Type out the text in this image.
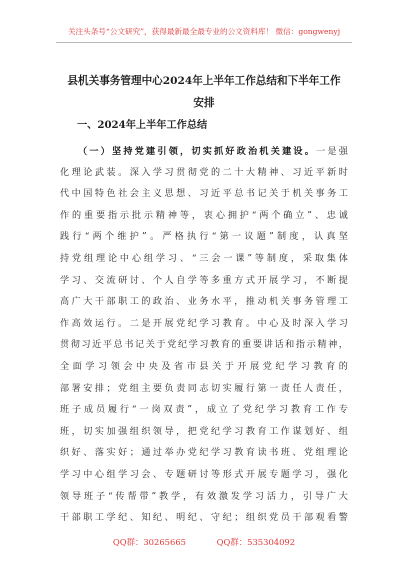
关注头条号“公文研究”，获得最新最全最专业的公文资料库！ 微信：gongwenyj
县机关事务管理中心2024年上半年工作总结和下半年工作
安排
一、2024年上半年工作总结
（一）坚持党建引领，切实抓好政治机关建设。一是强
化理论武装。深入学习贯彻党的二十大精神、习近平新时
代中国特色社会主义思想、习近平总书记关于机关事务工
作的重要指示批示精神等，衷心拥护“两个确立”、忠诚
践行“两个维护”。严格执行“第一议题”制度，认真坚
持党组理论中心组学习、“三会一课”等制度，采取集体
学习、交流研讨、个人自学等多重方式开展学习，不断提
高广大干部职工的政治、业务水平，推动机关事务管理工
作高效运行。二是开展党纪学习教育。中心及时深入学习
贯彻习近平总书记关于党纪学习教育的重要讲话和指示精神，
全面学习领会中央及省市县关于开展党纪学习教育的
部署安排；党组主要负责同志切实履行第一责任人责任，
班子成员履行“一岗双责”，成立了党纪学习教育工作专
班，切实加强组织领导，把党纪学习教育工作谋划好、组
织好、落实好；通过举办党纪学习教育读书班、党组理论
学习中心组学习会、专题研讨等形式开展专题学习，强化
领导班子“传帮带”教学，有效激发学习活力，引导广大
干部职工学纪、知纪、明纪、守纪；组织党员干部观看警
QQ群：30265665	QQ群：535304092
